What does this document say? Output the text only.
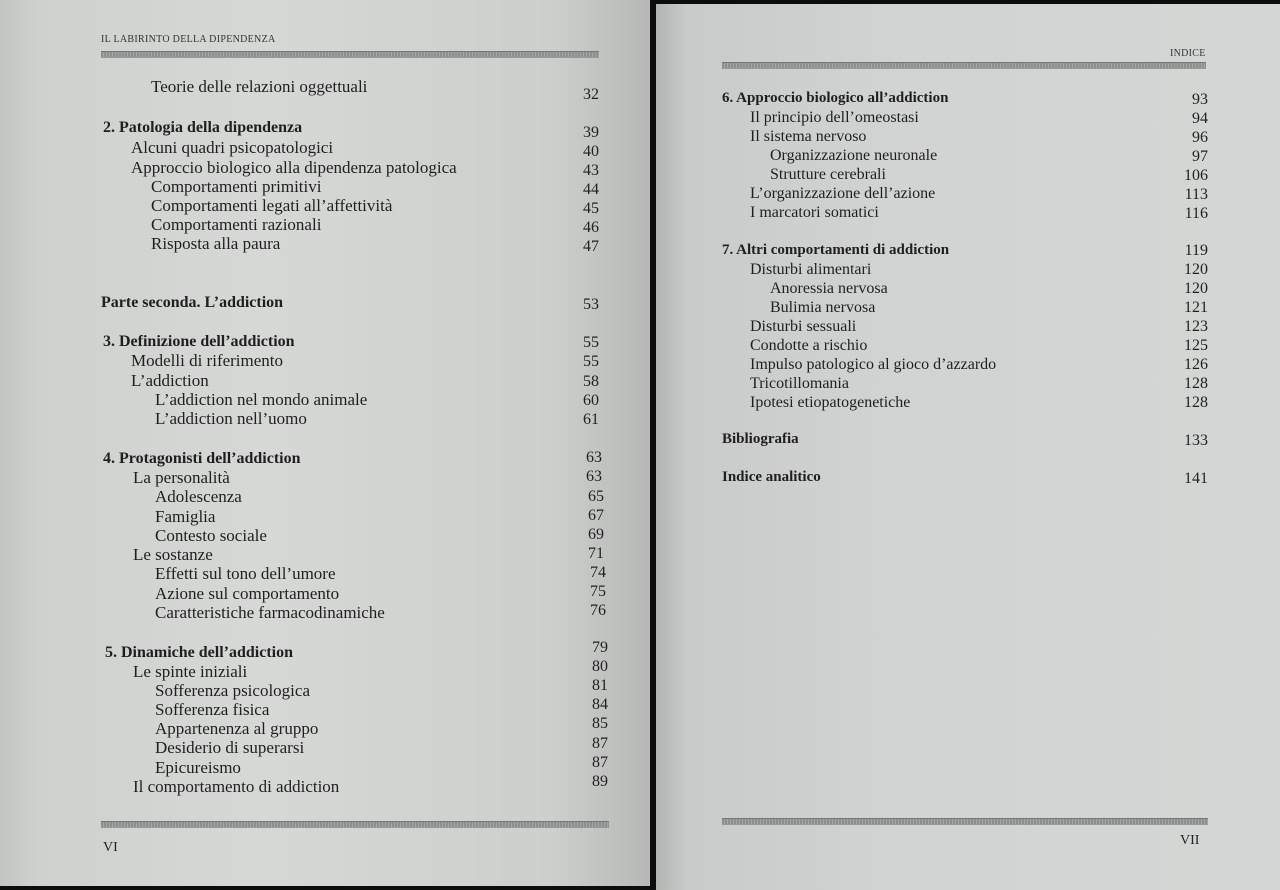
IL LABIRINTO DELLA DIPENDENZA
Teorie delle relazioni oggettuali	32
2. Patologia della dipendenza	39
Alcuni quadri psicopatologici	40
Approccio biologico alla dipendenza patologica	43
Comportamenti primitivi	44
Comportamenti legati all’affettività	45
Comportamenti razionali	46
Risposta alla paura	47
Parte seconda. L’addiction	53
3. Definizione dell’addiction	55
Modelli di riferimento	55
L’addiction	58
L’addiction nel mondo animale	60
L’addiction nell’uomo	61
4. Protagonisti dell’addiction	63
La personalità	63
Adolescenza	65
Famiglia	67
Contesto sociale	69
Le sostanze	71
Effetti sul tono dell’umore	74
Azione sul comportamento	75
Caratteristiche farmacodinamiche	76
5. Dinamiche dell’addiction	79
Le spinte iniziali	80
Sofferenza psicologica	81
Sofferenza fisica	84
Appartenenza al gruppo	85
Desiderio di superarsi	87
Epicureismo	87
Il comportamento di addiction	89
VI
INDICE
6. Approccio biologico all’addiction	93
Il principio dell’omeostasi	94
Il sistema nervoso	96
Organizzazione neuronale	97
Strutture cerebrali	106
L’organizzazione dell’azione	113
I marcatori somatici	116
7. Altri comportamenti di addiction	119
Disturbi alimentari	120
Anoressia nervosa	120
Bulimia nervosa	121
Disturbi sessuali	123
Condotte a rischio	125
Impulso patologico al gioco d’azzardo	126
Tricotillomania	128
Ipotesi etiopatogenetiche	128
Bibliografia	133
Indice analitico	141
VII
